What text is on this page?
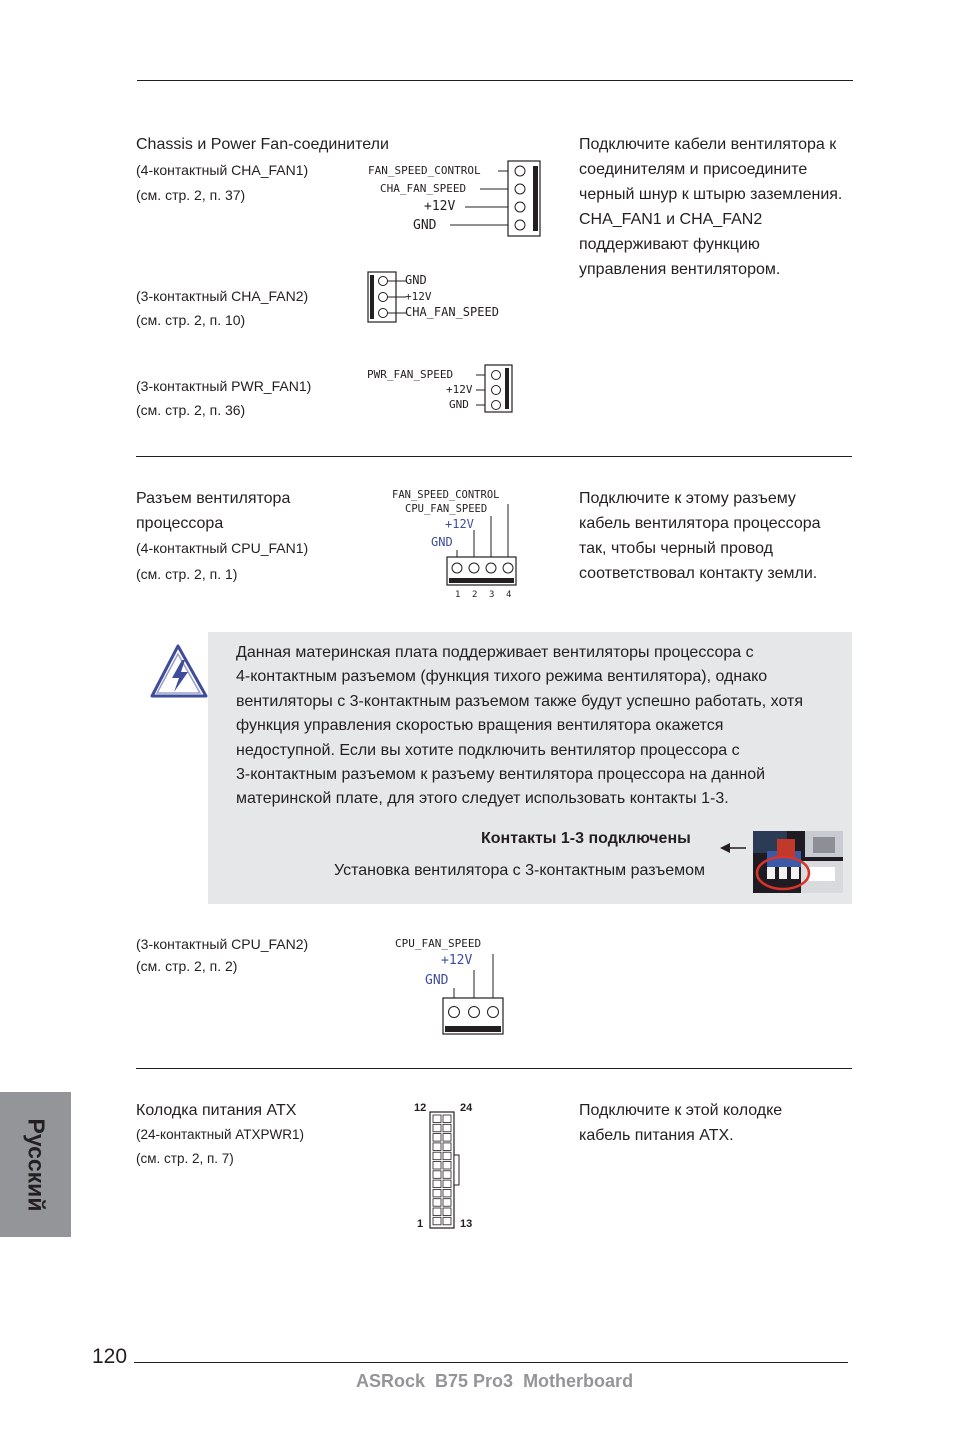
Chassis и Power Fan-соединители
(4-контактный CHA_FAN1)
(см. стр. 2, п. 37)
(3-контактный CHA_FAN2)
(см. стр. 2, п. 10)
(3-контактный PWR_FAN1)
(см. стр. 2, п. 36)
Подключите кабели вентилятора к
соединителям и присоедините
черный шнур к штырю заземления.
CHA_FAN1 и CHA_FAN2
поддерживают функцию
управления вентилятором.
FAN_SPEED_CONTROL
CHA_FAN_SPEED
+12V
GND
GND
+12V
CHA_FAN_SPEED
PWR_FAN_SPEED
+12V
GND
Разъем вентилятора
процессора
(4-контактный CPU_FAN1)
(см. стр. 2, п. 1)
Подключите к этому разъему
кабель вентилятора процессора
так, чтобы черный провод
соответствовал контакту земли.
FAN_SPEED_CONTROL
CPU_FAN_SPEED
+12V
GND
1 2 3 4
Данная материнская плата поддерживает вентиляторы процессора с
4-контактным разъемом (функция тихого режима вентилятора), однако
вентиляторы с 3-контактным разъемом также будут успешно работать, хотя
функция управления скоростью вращения вентилятора окажется
недоступной. Если вы хотите подключить вентилятор процессора с
3-контактным разъемом к разъему вентилятора процессора на данной
материнской плате, для этого следует использовать контакты 1-3.
Контакты 1-3 подключены
Установка вентилятора с 3-контактным разъемом
(3-контактный CPU_FAN2)
(см. стр. 2, п. 2)
CPU_FAN_SPEED
+12V
GND
Колодка питания ATX
(24-контактный ATXPWR1)
(см. стр. 2, п. 7)
Подключите к этой колодке
кабель питания ATX.
12	24
1	13
Русский
120
ASRock  B75 Pro3  Motherboard
